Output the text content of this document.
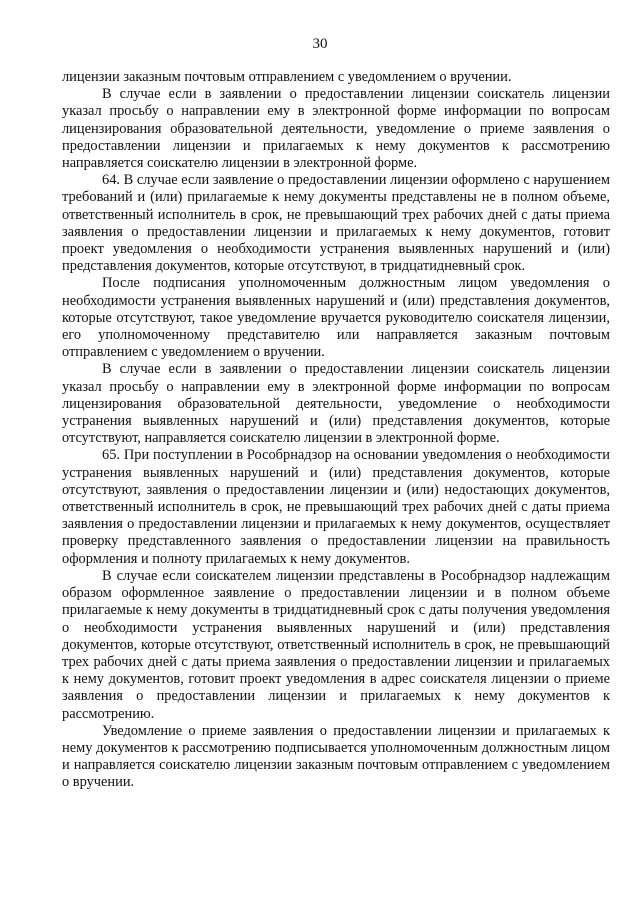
30

лицензии заказным почтовым отправлением с уведомлением о вручении.

В случае если в заявлении о предоставлении лицензии соискатель лицензии указал просьбу о направлении ему в электронной форме информации по вопросам лицензирования образовательной деятельности, уведомление о приеме заявления о предоставлении лицензии и прилагаемых к нему документов к рассмотрению направляется соискателю лицензии в электронной форме.

64. В случае если заявление о предоставлении лицензии оформлено с нарушением требований и (или) прилагаемые к нему документы представлены не в полном объеме, ответственный исполнитель в срок, не превышающий трех рабочих дней с даты приема заявления о предоставлении лицензии и прилагаемых к нему документов, готовит проект уведомления о необходимости устранения выявленных нарушений и (или) представления документов, которые отсутствуют, в тридцатидневный срок.

После подписания уполномоченным должностным лицом уведомления о необходимости устранения выявленных нарушений и (или) представления документов, которые отсутствуют, такое уведомление вручается руководителю соискателя лицензии, его уполномоченному представителю или направляется заказным почтовым отправлением с уведомлением о вручении.

В случае если в заявлении о предоставлении лицензии соискатель лицензии указал просьбу о направлении ему в электронной форме информации по вопросам лицензирования образовательной деятельности, уведомление о необходимости устранения выявленных нарушений и (или) представления документов, которые отсутствуют, направляется соискателю лицензии в электронной форме.

65. При поступлении в Рособрнадзор на основании уведомления о необходимости устранения выявленных нарушений и (или) представления документов, которые отсутствуют, заявления о предоставлении лицензии и (или) недостающих документов, ответственный исполнитель в срок, не превышающий трех рабочих дней с даты приема заявления о предоставлении лицензии и прилагаемых к нему документов, осуществляет проверку представленного заявления о предоставлении лицензии на правильность оформления и полноту прилагаемых к нему документов.

В случае если соискателем лицензии представлены в Рособрнадзор надлежащим образом оформленное заявление о предоставлении лицензии и в полном объеме прилагаемые к нему документы в тридцатидневный срок с даты получения уведомления о необходимости устранения выявленных нарушений и (или) представления документов, которые отсутствуют, ответственный исполнитель в срок, не превышающий трех рабочих дней с даты приема заявления о предоставлении лицензии и прилагаемых к нему документов, готовит проект уведомления в адрес соискателя лицензии о приеме заявления о предоставлении лицензии и прилагаемых к нему документов к рассмотрению.

Уведомление о приеме заявления о предоставлении лицензии и прилагаемых к нему документов к рассмотрению подписывается уполномоченным должностным лицом и направляется соискателю лицензии заказным почтовым отправлением с уведомлением о вручении.
